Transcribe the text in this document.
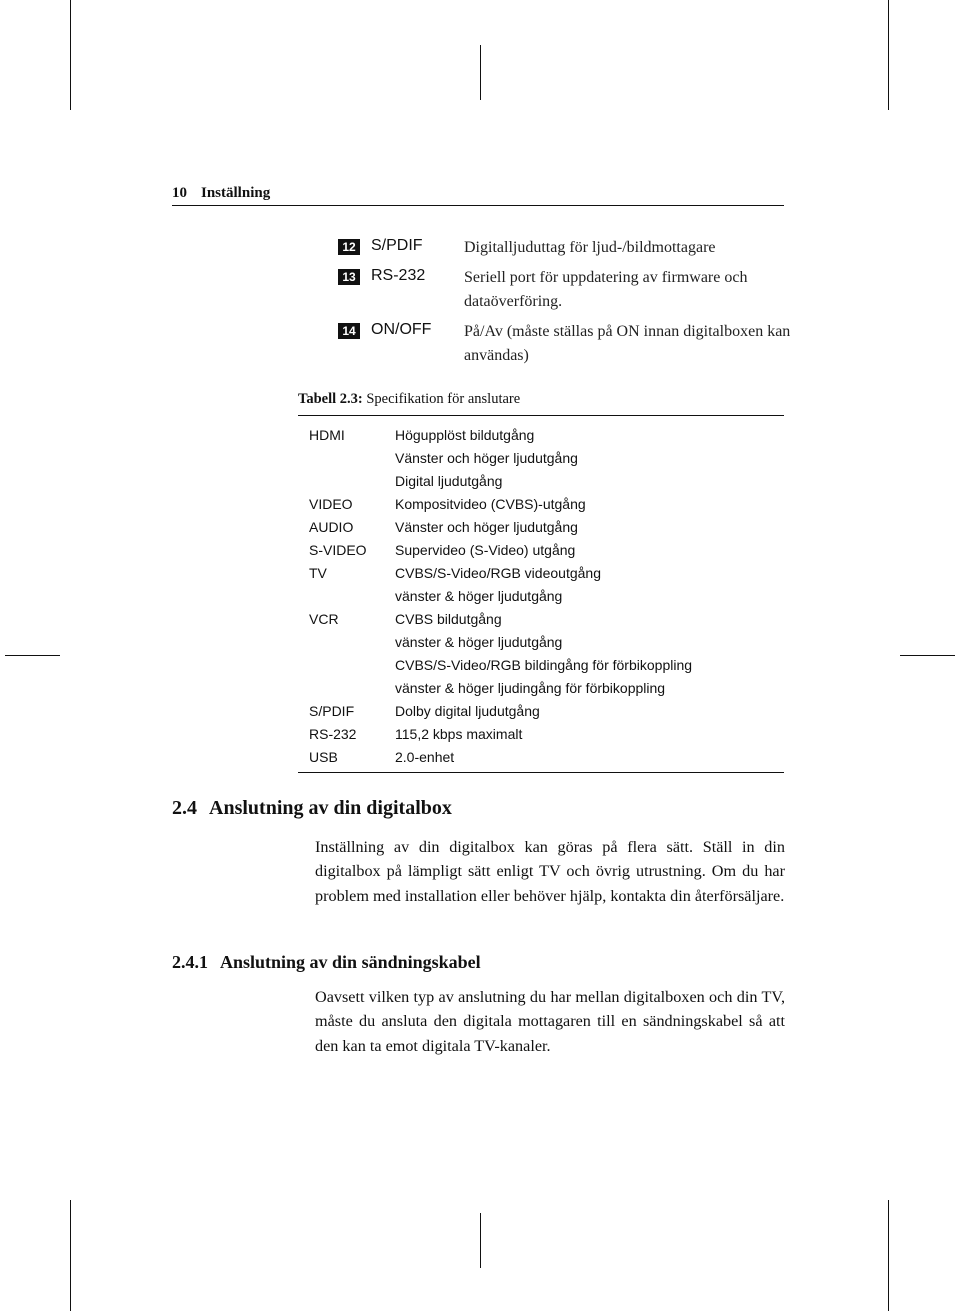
10 Inställning
12 S/PDIF	Digitalljuduttag för ljud-/bildmottagare
13 RS-232 Seriell port för uppdatering av firmware och dataöverföring.
14 ON/OFF På/Av (måste ställas på ON innan digitalboxen kan användas)
Tabell 2.3: Specifikation för anslutare
HDMI	Högupplöst bildutgång
Vänster och höger ljudutgång
Digital ljudutgång
VIDEO	Kompositvideo (CVBS)-utgång
AUDIO	Vänster och höger ljudutgång
S-VIDEO Supervideo (S-Video) utgång
TV	CVBS/S-Video/RGB videoutgång
vänster & höger ljudutgång
VCR	CVBS bildutgång
vänster & höger ljudutgång
CVBS/S-Video/RGB bildingång för förbikoppling
vänster & höger ljudingång för förbikoppling
S/PDIF	Dolby digital ljudutgång
RS-232	115,2 kbps maximalt
USB	2.0-enhet
2.4 Anslutning av din digitalbox
Inställning av din digitalbox kan göras på flera sätt. Ställ in din digitalbox på lämpligt sätt enligt TV och övrig utrustning. Om du har problem med installation eller behöver hjälp, kontakta din återförsäljare.
2.4.1 Anslutning av din sändningskabel
Oavsett vilken typ av anslutning du har mellan digitalboxen och din TV, måste du ansluta den digitala mottagaren till en sändningskabel så att den kan ta emot digitala TV-kanaler.
